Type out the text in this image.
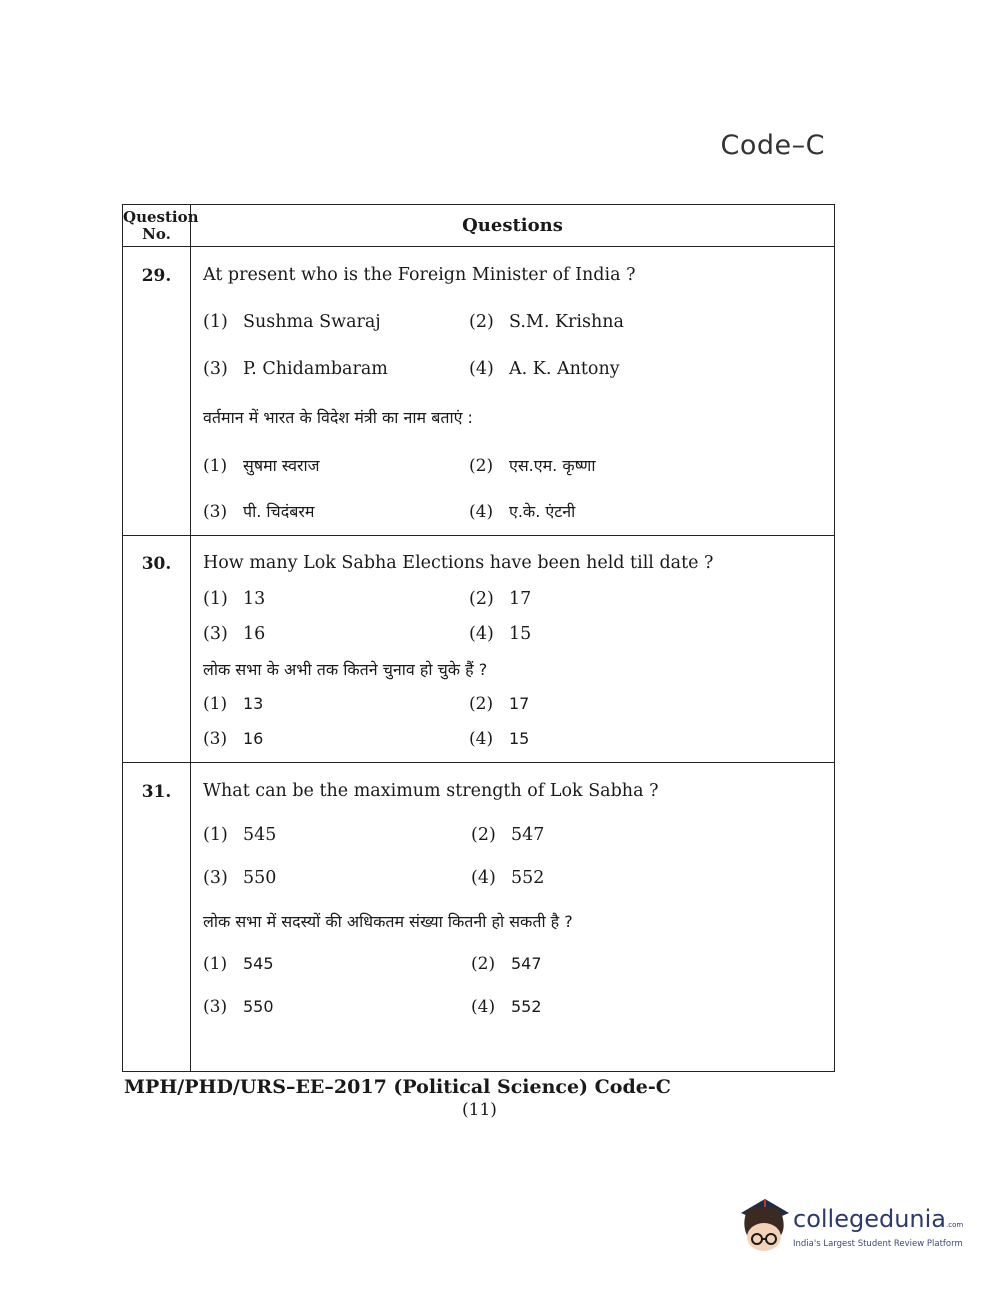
Code–C
Question No.	Questions
29.	At present who is the Foreign Minister of India ?
(1) Sushma Swaraj	(2) S.M. Krishna
(3) P. Chidambaram	(4) A. K. Antony
वर्तमान में भारत के विदेश मंत्री का नाम बताएं :
(1) सुषमा स्वराज	(2) एस.एम. कृष्णा
(3) पी. चिदंबरम	(4) ए.के. एंटनी
30.	How many Lok Sabha Elections have been held till date ?
(1) 13	(2) 17
(3) 16	(4) 15
लोक सभा के अभी तक कितने चुनाव हो चुके हैं ?
(1) 13	(2) 17
(3) 16	(4) 15
31.	What can be the maximum strength of Lok Sabha ?
(1) 545	(2) 547
(3) 550	(4) 552
लोक सभा में सदस्यों की अधिकतम संख्या कितनी हो सकती है ?
(1) 545	(2) 547
(3) 550	(4) 552
MPH/PHD/URS–EE–2017 (Political Science) Code-C
(11)
collegedunia.com
India's Largest Student Review Platform
